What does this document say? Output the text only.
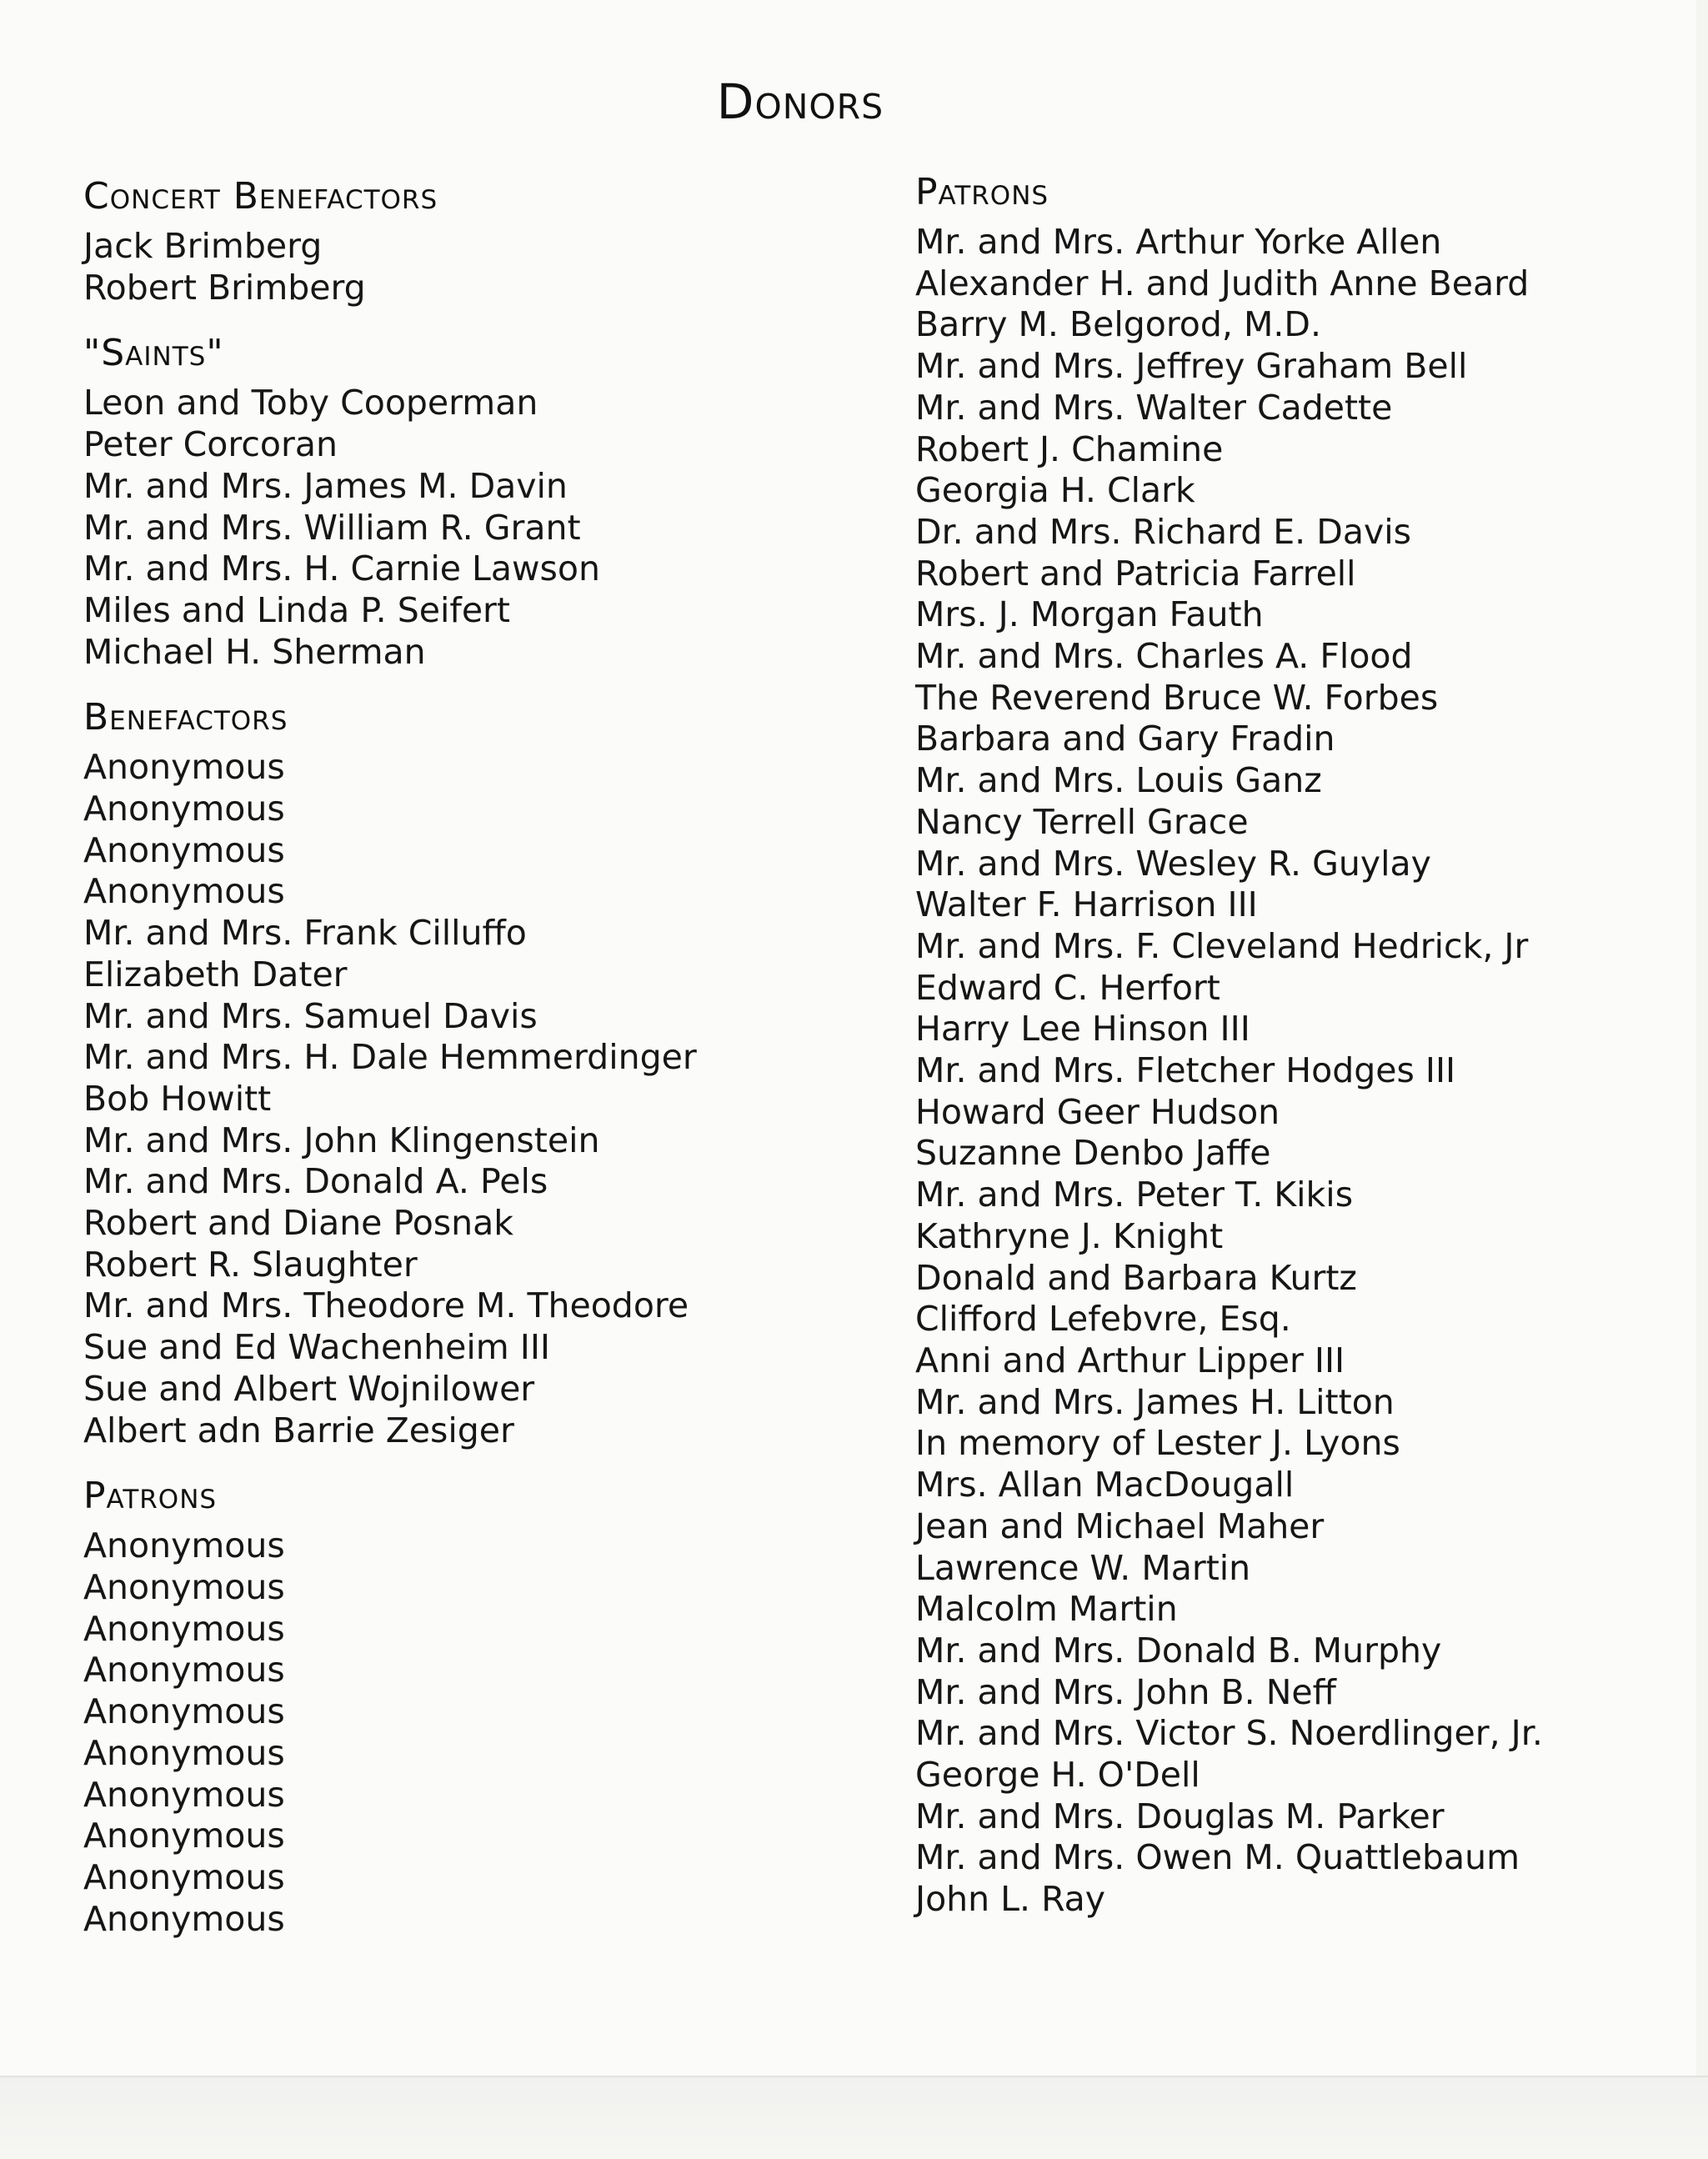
Donors
Concert Benefactors
Jack Brimberg
Robert Brimberg
"Saints"
Leon and Toby Cooperman
Peter Corcoran
Mr. and Mrs. James M. Davin
Mr. and Mrs. William R. Grant
Mr. and Mrs. H. Carnie Lawson
Miles and Linda P. Seifert
Michael H. Sherman
Benefactors
Anonymous
Anonymous
Anonymous
Anonymous
Mr. and Mrs. Frank Cilluffo
Elizabeth Dater
Mr. and Mrs. Samuel Davis
Mr. and Mrs. H. Dale Hemmerdinger
Bob Howitt
Mr. and Mrs. John Klingenstein
Mr. and Mrs. Donald A. Pels
Robert and Diane Posnak
Robert R. Slaughter
Mr. and Mrs. Theodore M. Theodore
Sue and Ed Wachenheim III
Sue and Albert Wojnilower
Albert adn Barrie Zesiger
Patrons
Anonymous
Anonymous
Anonymous
Anonymous
Anonymous
Anonymous
Anonymous
Anonymous
Anonymous
Anonymous
Patrons
Mr. and Mrs. Arthur Yorke Allen
Alexander H. and Judith Anne Beard
Barry M. Belgorod, M.D.
Mr. and Mrs. Jeffrey Graham Bell
Mr. and Mrs. Walter Cadette
Robert J. Chamine
Georgia H. Clark
Dr. and Mrs. Richard E. Davis
Robert and Patricia Farrell
Mrs. J. Morgan Fauth
Mr. and Mrs. Charles A. Flood
The Reverend Bruce W. Forbes
Barbara and Gary Fradin
Mr. and Mrs. Louis Ganz
Nancy Terrell Grace
Mr. and Mrs. Wesley R. Guylay
Walter F. Harrison III
Mr. and Mrs. F. Cleveland Hedrick, Jr
Edward C. Herfort
Harry Lee Hinson III
Mr. and Mrs. Fletcher Hodges III
Howard Geer Hudson
Suzanne Denbo Jaffe
Mr. and Mrs. Peter T. Kikis
Kathryne J. Knight
Donald and Barbara Kurtz
Clifford Lefebvre, Esq.
Anni and Arthur Lipper III
Mr. and Mrs. James H. Litton
In memory of Lester J. Lyons
Mrs. Allan MacDougall
Jean and Michael Maher
Lawrence W. Martin
Malcolm Martin
Mr. and Mrs. Donald B. Murphy
Mr. and Mrs. John B. Neff
Mr. and Mrs. Victor S. Noerdlinger, Jr.
George H. O'Dell
Mr. and Mrs. Douglas M. Parker
Mr. and Mrs. Owen M. Quattlebaum
John L. Ray
